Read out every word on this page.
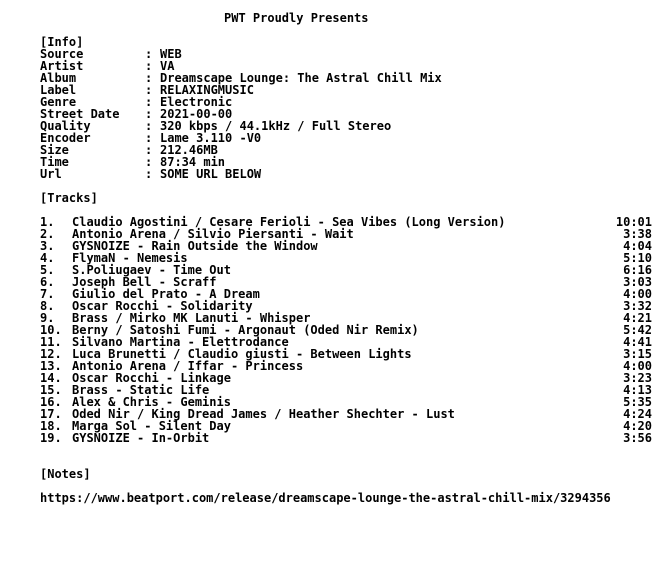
PWT Proudly Presents
[Info]
Source	: WEB
Artist	: VA
Album	: Dreamscape Lounge: The Astral Chill Mix
Label	: RELAXINGMUSIC
Genre	: Electronic
Street Date	: 2021-00-00
Quality	: 320 kbps / 44.1kHz / Full Stereo
Encoder	: Lame 3.110 -V0
Size	: 212.46MB
Time	: 87:34 min
Url	: SOME URL BELOW
[Tracks]
1.	Claudio Agostini / Cesare Ferioli - Sea Vibes (Long Version)	10:01
2.	Antonio Arena / Silvio Piersanti - Wait	3:38
3.	GYSNOIZE - Rain Outside the Window	4:04
4.	FlymaN - Nemesis	5:10
5.	S.Poliugaev - Time Out	6:16
6.	Joseph Bell - Scraff	3:03
7.	Giulio del Prato - A Dream	4:00
8.	Oscar Rocchi - Solidarity	3:32
9.	Brass / Mirko MK Lanuti - Whisper	4:21
10. Berny / Satoshi Fumi - Argonaut (Oded Nir Remix)	5:42
11. Silvano Martina - Elettrodance	4:41
12. Luca Brunetti / Claudio giusti - Between Lights	3:15
13. Antonio Arena / Iffar - Princess	4:00
14. Oscar Rocchi - Linkage	3:23
15. Brass - Static Life	4:13
16. Alex & Chris - Geminis	5:35
17. Oded Nir / King Dread James / Heather Shechter - Lust	4:24
18. Marga Sol - Silent Day	4:20
19. GYSNOIZE - In-Orbit	3:56
[Notes]
https://www.beatport.com/release/dreamscape-lounge-the-astral-chill-mix/3294356
